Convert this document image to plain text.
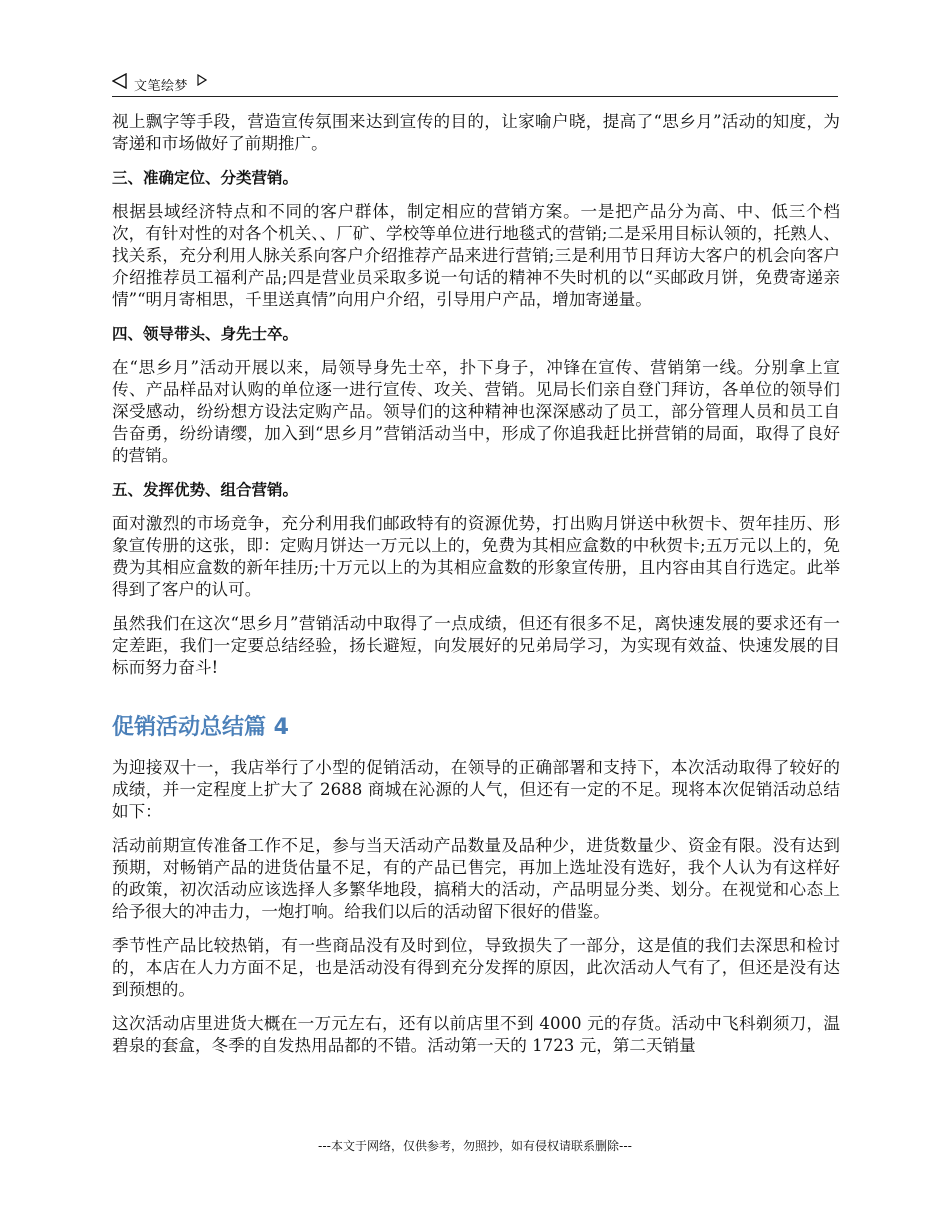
文笔绘梦

视上飘字等手段，营造宣传氛围来达到宣传的目的，让家喻户晓，提高了“思乡月”活动的知度，为寄递和市场做好了前期推广。

三、准确定位、分类营销。

根据县域经济特点和不同的客户群体，制定相应的营销方案。一是把产品分为高、中、低三个档次，有针对性的对各个机关、、厂矿、学校等单位进行地毯式的营销;二是采用目标认领的，托熟人、找关系，充分利用人脉关系向客户介绍推荐产品来进行营销;三是利用节日拜访大客户的机会向客户介绍推荐员工福利产品;四是营业员采取多说一句话的精神不失时机的以“买邮政月饼，免费寄递亲情”“明月寄相思，千里送真情”向用户介绍，引导用户产品，增加寄递量。

四、领导带头、身先士卒。

在“思乡月”活动开展以来，局领导身先士卒，扑下身子，冲锋在宣传、营销第一线。分别拿上宣传、产品样品对认购的单位逐一进行宣传、攻关、营销。见局长们亲自登门拜访，各单位的领导们深受感动，纷纷想方设法定购产品。领导们的这种精神也深深感动了员工，部分管理人员和员工自告奋勇，纷纷请缨，加入到“思乡月”营销活动当中，形成了你追我赶比拼营销的局面，取得了良好的营销。

五、发挥优势、组合营销。

面对激烈的市场竞争，充分利用我们邮政特有的资源优势，打出购月饼送中秋贺卡、贺年挂历、形象宣传册的这张，即：定购月饼达一万元以上的，免费为其相应盒数的中秋贺卡;五万元以上的，免费为其相应盒数的新年挂历;十万元以上的为其相应盒数的形象宣传册，且内容由其自行选定。此举得到了客户的认可。

虽然我们在这次“思乡月”营销活动中取得了一点成绩，但还有很多不足，离快速发展的要求还有一定差距，我们一定要总结经验，扬长避短，向发展好的兄弟局学习，为实现有效益、快速发展的目标而努力奋斗!

促销活动总结篇 4

为迎接双十一，我店举行了小型的促销活动，在领导的正确部署和支持下，本次活动取得了较好的成绩，并一定程度上扩大了 2688 商城在沁源的人气，但还有一定的不足。现将本次促销活动总结如下：

活动前期宣传准备工作不足，参与当天活动产品数量及品种少，进货数量少、资金有限。没有达到预期，对畅销产品的进货估量不足，有的产品已售完，再加上选址没有选好，我个人认为有这样好的政策，初次活动应该选择人多繁华地段，搞稍大的活动，产品明显分类、划分。在视觉和心态上给予很大的冲击力，一炮打响。给我们以后的活动留下很好的借鉴。

季节性产品比较热销，有一些商品没有及时到位，导致损失了一部分，这是值的我们去深思和检讨的，本店在人力方面不足，也是活动没有得到充分发挥的原因，此次活动人气有了，但还是没有达到预想的。

这次活动店里进货大概在一万元左右，还有以前店里不到 4000 元的存货。活动中飞科剃须刀，温碧泉的套盒，冬季的自发热用品都的不错。活动第一天的 1723 元，第二天销量

---本文于网络，仅供参考，勿照抄，如有侵权请联系删除---
